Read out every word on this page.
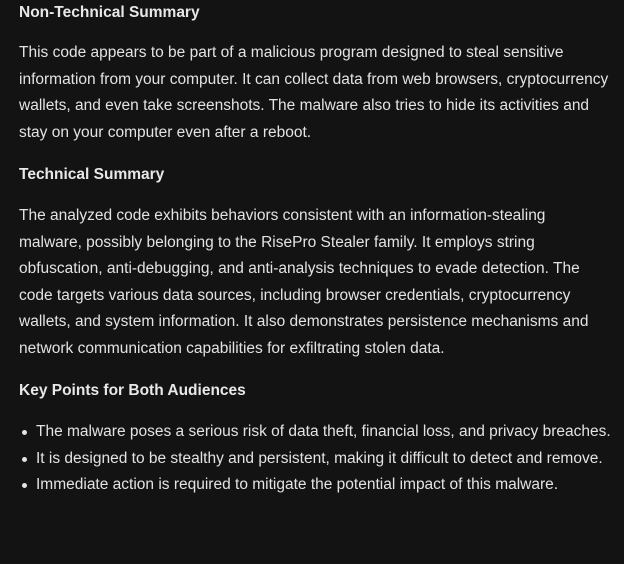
Non-Technical Summary

This code appears to be part of a malicious program designed to steal sensitive information from your computer. It can collect data from web browsers, cryptocurrency wallets, and even take screenshots. The malware also tries to hide its activities and stay on your computer even after a reboot.

Technical Summary

The analyzed code exhibits behaviors consistent with an information-stealing malware, possibly belonging to the RisePro Stealer family. It employs string obfuscation, anti-debugging, and anti-analysis techniques to evade detection. The code targets various data sources, including browser credentials, cryptocurrency wallets, and system information. It also demonstrates persistence mechanisms and network communication capabilities for exfiltrating stolen data.

Key Points for Both Audiences
The malware poses a serious risk of data theft, financial loss, and privacy breaches.
It is designed to be stealthy and persistent, making it difficult to detect and remove.
Immediate action is required to mitigate the potential impact of this malware.
